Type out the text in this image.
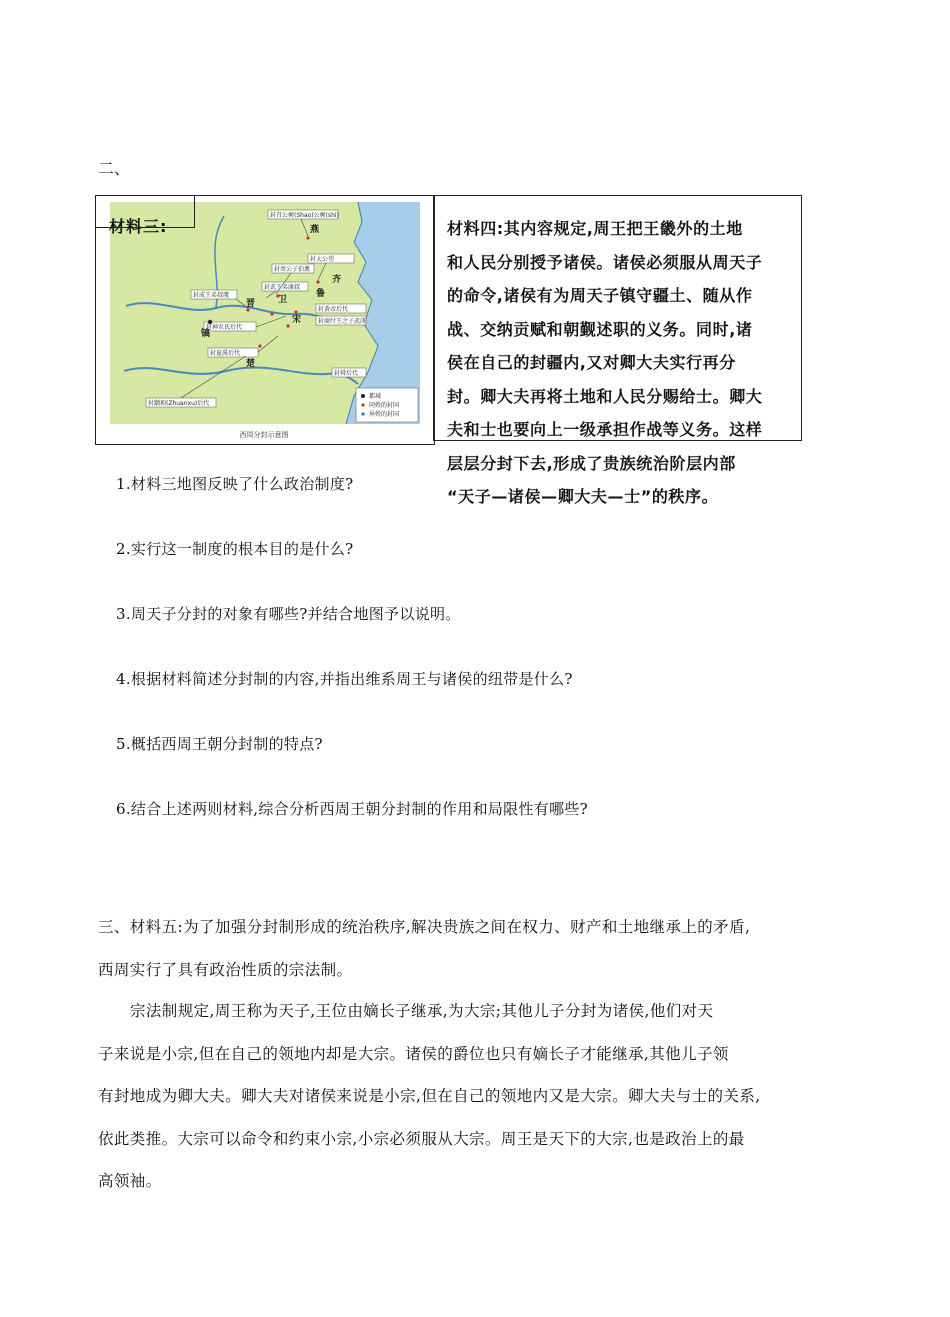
二、
封召公奭(Shao)公奭(shi)
封太公望
封周公子伯禽
封武王弟康叔
封成王弟叔虞
封黄帝后代
封商纣王之子武庚
封神农氏后代
封夏禹后代
封舜后代
封颛顼(Zhuanxu)后代
镐
卫
鲁
齐
燕
宋
晋
楚
都城
同姓的封国
异姓的封国
西周分封示意图
材料三:	材料四:其内容规定,周王把王畿外的土地
和人民分别授予诸侯。诸侯必须服从周天子
的命令,诸侯有为周天子镇守疆土、随从作
战、交纳贡赋和朝觐述职的义务。同时,诸
侯在自己的封疆内,又对卿大夫实行再分
封。卿大夫再将土地和人民分赐给士。卿大
夫和士也要向上一级承担作战等义务。这样
层层分封下去,形成了贵族统治阶层内部
“天子—诸侯—卿大夫—士”的秩序。
1.材料三地图反映了什么政治制度?
2.实行这一制度的根本目的是什么?
3.周天子分封的对象有哪些?并结合地图予以说明。
4.根据材料简述分封制的内容,并指出维系周王与诸侯的纽带是什么?
5.概括西周王朝分封制的特点?
6.结合上述两则材料,综合分析西周王朝分封制的作用和局限性有哪些?
三、材料五:为了加强分封制形成的统治秩序,解决贵族之间在权力、财产和土地继承上的矛盾,
西周实行了具有政治性质的宗法制。
宗法制规定,周王称为天子,王位由嫡长子继承,为大宗;其他儿子分封为诸侯,他们对天
子来说是小宗,但在自己的领地内却是大宗。诸侯的爵位也只有嫡长子才能继承,其他儿子领
有封地成为卿大夫。卿大夫对诸侯来说是小宗,但在自己的领地内又是大宗。卿大夫与士的关系,
依此类推。大宗可以命令和约束小宗,小宗必须服从大宗。周王是天下的大宗,也是政治上的最
高领袖。
